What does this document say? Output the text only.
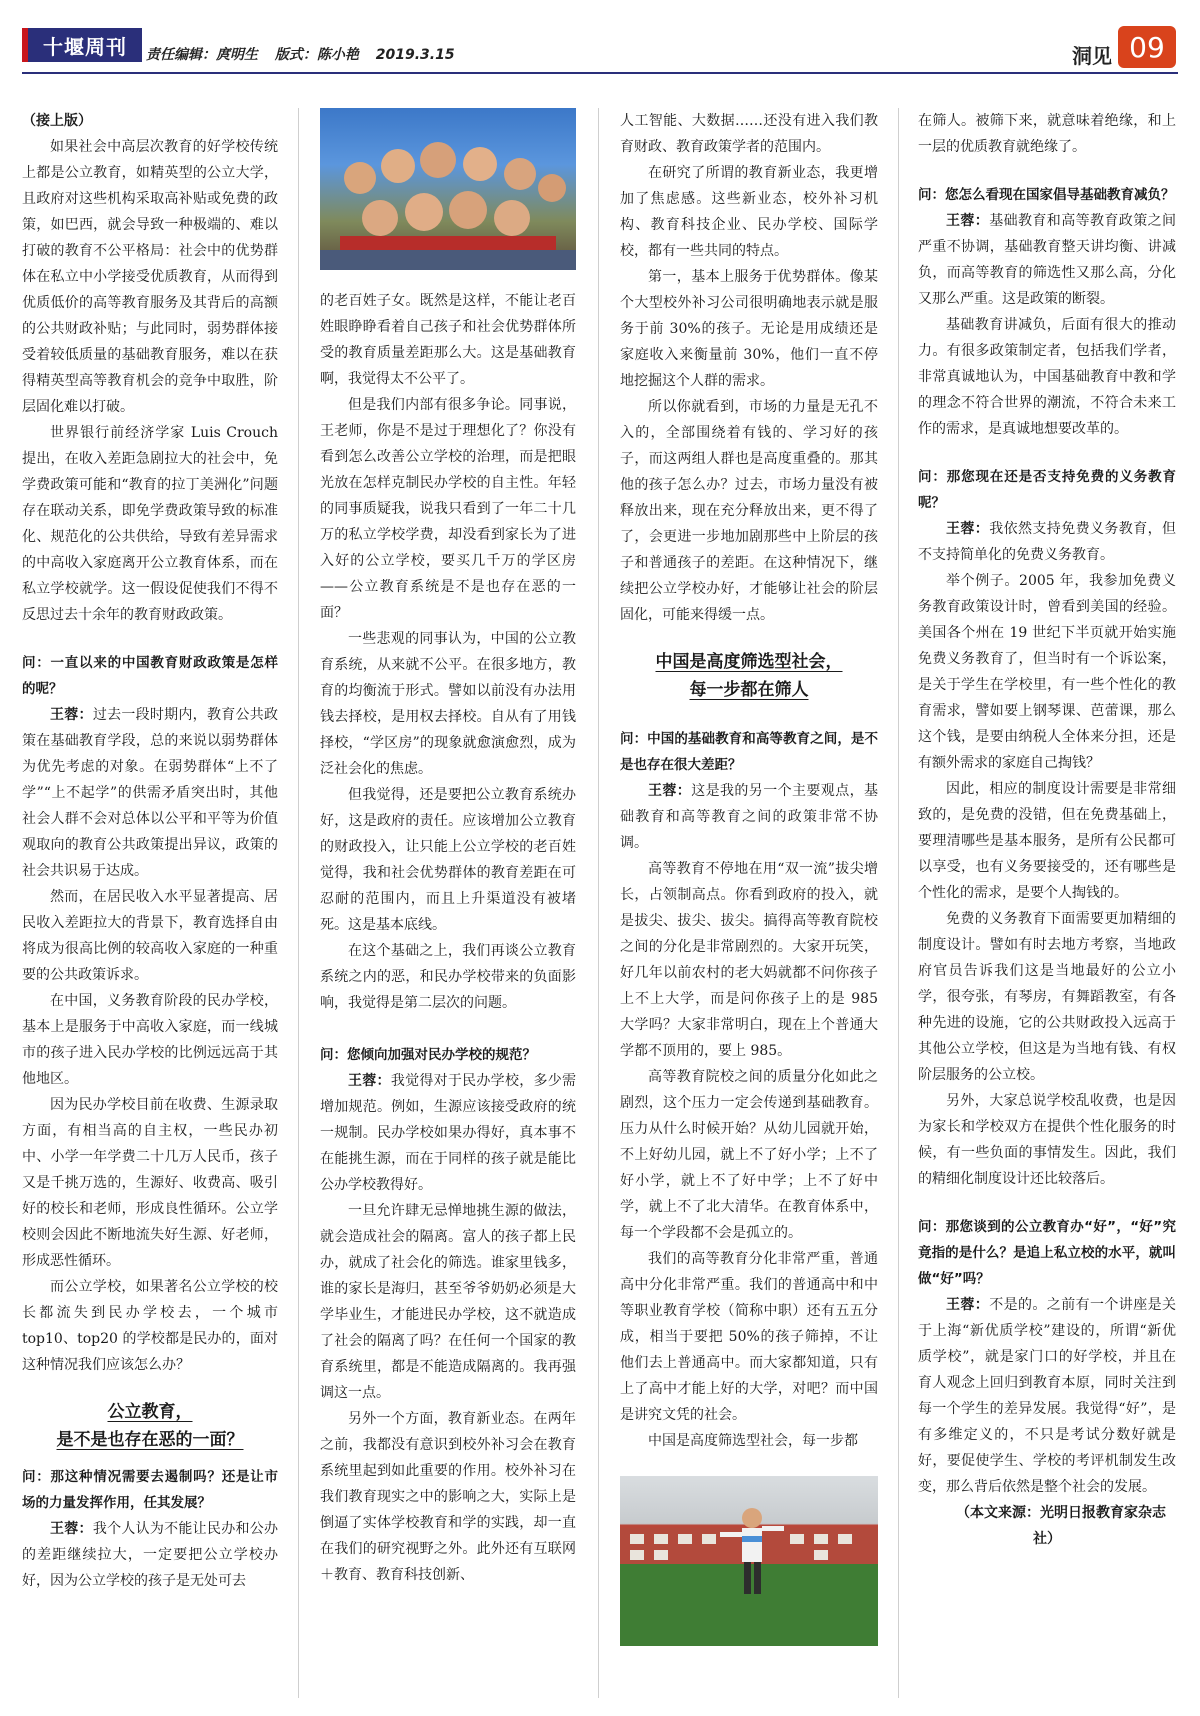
十堰周刊	责任编辑：庹明生 版式：陈小艳 2019.3.15	洞见 09

（接上版）

如果社会中高层次教育的好学校传统上都是公立教育，如精英型的公立大学，且政府对这些机构采取高补贴或免费的政策，如巴西，就会导致一种极端的、难以打破的教育不公平格局：社会中的优势群体在私立中小学接受优质教育，从而得到优质低价的高等教育服务及其背后的高额的公共财政补贴；与此同时，弱势群体接受着较低质量的基础教育服务，难以在获得精英型高等教育机会的竞争中取胜，阶层固化难以打破。

世界银行前经济学家 Luis Crouch 提出，在收入差距急剧拉大的社会中，免学费政策可能和“教育的拉丁美洲化”问题存在联动关系，即免学费政策导致的标准化、规范化的公共供给，导致有差异需求的中高收入家庭离开公立教育体系，而在私立学校就学。这一假设促使我们不得不反思过去十余年的教育财政政策。

问：一直以来的中国教育财政政策是怎样的呢？

王蓉：过去一段时期内，教育公共政策在基础教育学段，总的来说以弱势群体为优先考虑的对象。在弱势群体“上不了学”“上不起学”的供需矛盾突出时，其他社会人群不会对总体以公平和平等为价值观取向的教育公共政策提出异议，政策的社会共识易于达成。

然而，在居民收入水平显著提高、居民收入差距拉大的背景下，教育选择自由将成为很高比例的较高收入家庭的一种重要的公共政策诉求。

在中国，义务教育阶段的民办学校，基本上是服务于中高收入家庭，而一线城市的孩子进入民办学校的比例远远高于其他地区。

因为民办学校目前在收费、生源录取方面，有相当高的自主权，一些民办初中、小学一年学费二十几万人民币，孩子又是千挑万选的，生源好、收费高、吸引好的校长和老师，形成良性循环。公立学校则会因此不断地流失好生源、好老师，形成恶性循环。

而公立学校，如果著名公立学校的校长都流失到民办学校去，一个城市top10、top20 的学校都是民办的，面对这种情况我们应该怎么办？

公立教育，
是不是也存在恶的一面？

问：那这种情况需要去遏制吗？还是让市场的力量发挥作用，任其发展？

王蓉：我个人认为不能让民办和公办的差距继续拉大，一定要把公立学校办好，因为公立学校的孩子是无处可去

的老百姓子女。既然是这样，不能让老百姓眼睁睁看着自己孩子和社会优势群体所受的教育质量差距那么大。这是基础教育啊，我觉得太不公平了。

但是我们内部有很多争论。同事说，王老师，你是不是过于理想化了？你没有看到怎么改善公立学校的治理，而是把眼光放在怎样克制民办学校的自主性。年轻的同事质疑我，说我只看到了一年二十几万的私立学校学费，却没看到家长为了进入好的公立学校，要买几千万的学区房——公立教育系统是不是也存在恶的一面？

一些悲观的同事认为，中国的公立教育系统，从来就不公平。在很多地方，教育的均衡流于形式。譬如以前没有办法用钱去择校，是用权去择校。自从有了用钱择校，“学区房”的现象就愈演愈烈，成为泛社会化的焦虑。

但我觉得，还是要把公立教育系统办好，这是政府的责任。应该增加公立教育的财政投入，让只能上公立学校的老百姓觉得，我和社会优势群体的教育差距在可忍耐的范围内，而且上升渠道没有被堵死。这是基本底线。

在这个基础之上，我们再谈公立教育系统之内的恶，和民办学校带来的负面影响，我觉得是第二层次的问题。

问：您倾向加强对民办学校的规范？

王蓉：我觉得对于民办学校，多少需增加规范。例如，生源应该接受政府的统一规制。民办学校如果办得好，真本事不在能挑生源，而在于同样的孩子就是能比公办学校教得好。

一旦允许肆无忌惮地挑生源的做法，就会造成社会的隔离。富人的孩子都上民办，就成了社会化的筛选。谁家里钱多，谁的家长是海归，甚至爷爷奶奶必须是大学毕业生，才能进民办学校，这不就造成了社会的隔离了吗？在任何一个国家的教育系统里，都是不能造成隔离的。我再强调这一点。

另外一个方面，教育新业态。在两年之前，我都没有意识到校外补习会在教育系统里起到如此重要的作用。校外补习在我们教育现实之中的影响之大，实际上是倒逼了实体学校教育和学的实践，却一直在我们的研究视野之外。此外还有互联网＋教育、教育科技创新、

人工智能、大数据……还没有进入我们教育财政、教育政策学者的范围内。

在研究了所谓的教育新业态，我更增加了焦虑感。这些新业态，校外补习机构、教育科技企业、民办学校、国际学校，都有一些共同的特点。

第一，基本上服务于优势群体。像某个大型校外补习公司很明确地表示就是服务于前 30%的孩子。无论是用成绩还是家庭收入来衡量前 30%，他们一直不停地挖掘这个人群的需求。

所以你就看到，市场的力量是无孔不入的，全部围绕着有钱的、学习好的孩子，而这两组人群也是高度重叠的。那其他的孩子怎么办？过去，市场力量没有被释放出来，现在充分释放出来，更不得了了，会更进一步地加剧那些中上阶层的孩子和普通孩子的差距。在这种情况下，继续把公立学校办好，才能够让社会的阶层固化，可能来得缓一点。

中国是高度筛选型社会，
每一步都在筛人

问：中国的基础教育和高等教育之间，是不是也存在很大差距？

王蓉：这是我的另一个主要观点，基础教育和高等教育之间的政策非常不协调。

高等教育不停地在用“双一流”拔尖增长，占领制高点。你看到政府的投入，就是拔尖、拔尖、拔尖。搞得高等教育院校之间的分化是非常剧烈的。大家开玩笑，好几年以前农村的老大妈就都不问你孩子上不上大学，而是问你孩子上的是 985 大学吗？大家非常明白，现在上个普通大学都不顶用的，要上 985。

高等教育院校之间的质量分化如此之剧烈，这个压力一定会传递到基础教育。压力从什么时候开始？从幼儿园就开始，不上好幼儿园，就上不了好小学；上不了好小学，就上不了好中学；上不了好中学，就上不了北大清华。在教育体系中，每一个学段都不会是孤立的。

我们的高等教育分化非常严重，普通高中分化非常严重。我们的普通高中和中等职业教育学校（简称中职）还有五五分成，相当于要把 50%的孩子筛掉，不让他们去上普通高中。而大家都知道，只有上了高中才能上好的大学，对吧？而中国是讲究文凭的社会。

中国是高度筛选型社会，每一步都

在筛人。被筛下来，就意味着绝缘，和上一层的优质教育就绝缘了。

问：您怎么看现在国家倡导基础教育减负？

王蓉：基础教育和高等教育政策之间严重不协调，基础教育整天讲均衡、讲减负，而高等教育的筛选性又那么高，分化又那么严重。这是政策的断裂。

基础教育讲减负，后面有很大的推动力。有很多政策制定者，包括我们学者，非常真诚地认为，中国基础教育中教和学的理念不符合世界的潮流，不符合未来工作的需求，是真诚地想要改革的。

问：那您现在还是否支持免费的义务教育呢？

王蓉：我依然支持免费义务教育，但不支持简单化的免费义务教育。

举个例子。2005 年，我参加免费义务教育政策设计时，曾看到美国的经验。美国各个州在 19 世纪下半页就开始实施免费义务教育了，但当时有一个诉讼案，是关于学生在学校里，有一些个性化的教育需求，譬如要上钢琴课、芭蕾课，那么这个钱，是要由纳税人全体来分担，还是有额外需求的家庭自己掏钱？

因此，相应的制度设计需要是非常细致的，是免费的没错，但在免费基础上，要理清哪些是基本服务，是所有公民都可以享受，也有义务要接受的，还有哪些是个性化的需求，是要个人掏钱的。

免费的义务教育下面需要更加精细的制度设计。譬如有时去地方考察，当地政府官员告诉我们这是当地最好的公立小学，很夸张，有琴房，有舞蹈教室，有各种先进的设施，它的公共财政投入远高于其他公立学校，但这是为当地有钱、有权阶层服务的公立校。

另外，大家总说学校乱收费，也是因为家长和学校双方在提供个性化服务的时候，有一些负面的事情发生。因此，我们的精细化制度设计还比较落后。

问：那您谈到的公立教育办“好”，“好”究竟指的是什么？是追上私立校的水平，就叫做“好”吗？

王蓉：不是的。之前有一个讲座是关于上海“新优质学校”建设的，所谓“新优质学校”，就是家门口的好学校，并且在育人观念上回归到教育本原，同时关注到每一个学生的差异发展。我觉得“好”，是有多维定义的，不只是考试分数好就是好，要促使学生、学校的考评机制发生改变，那么背后依然是整个社会的发展。

（本文来源：光明日报教育家杂志社）
